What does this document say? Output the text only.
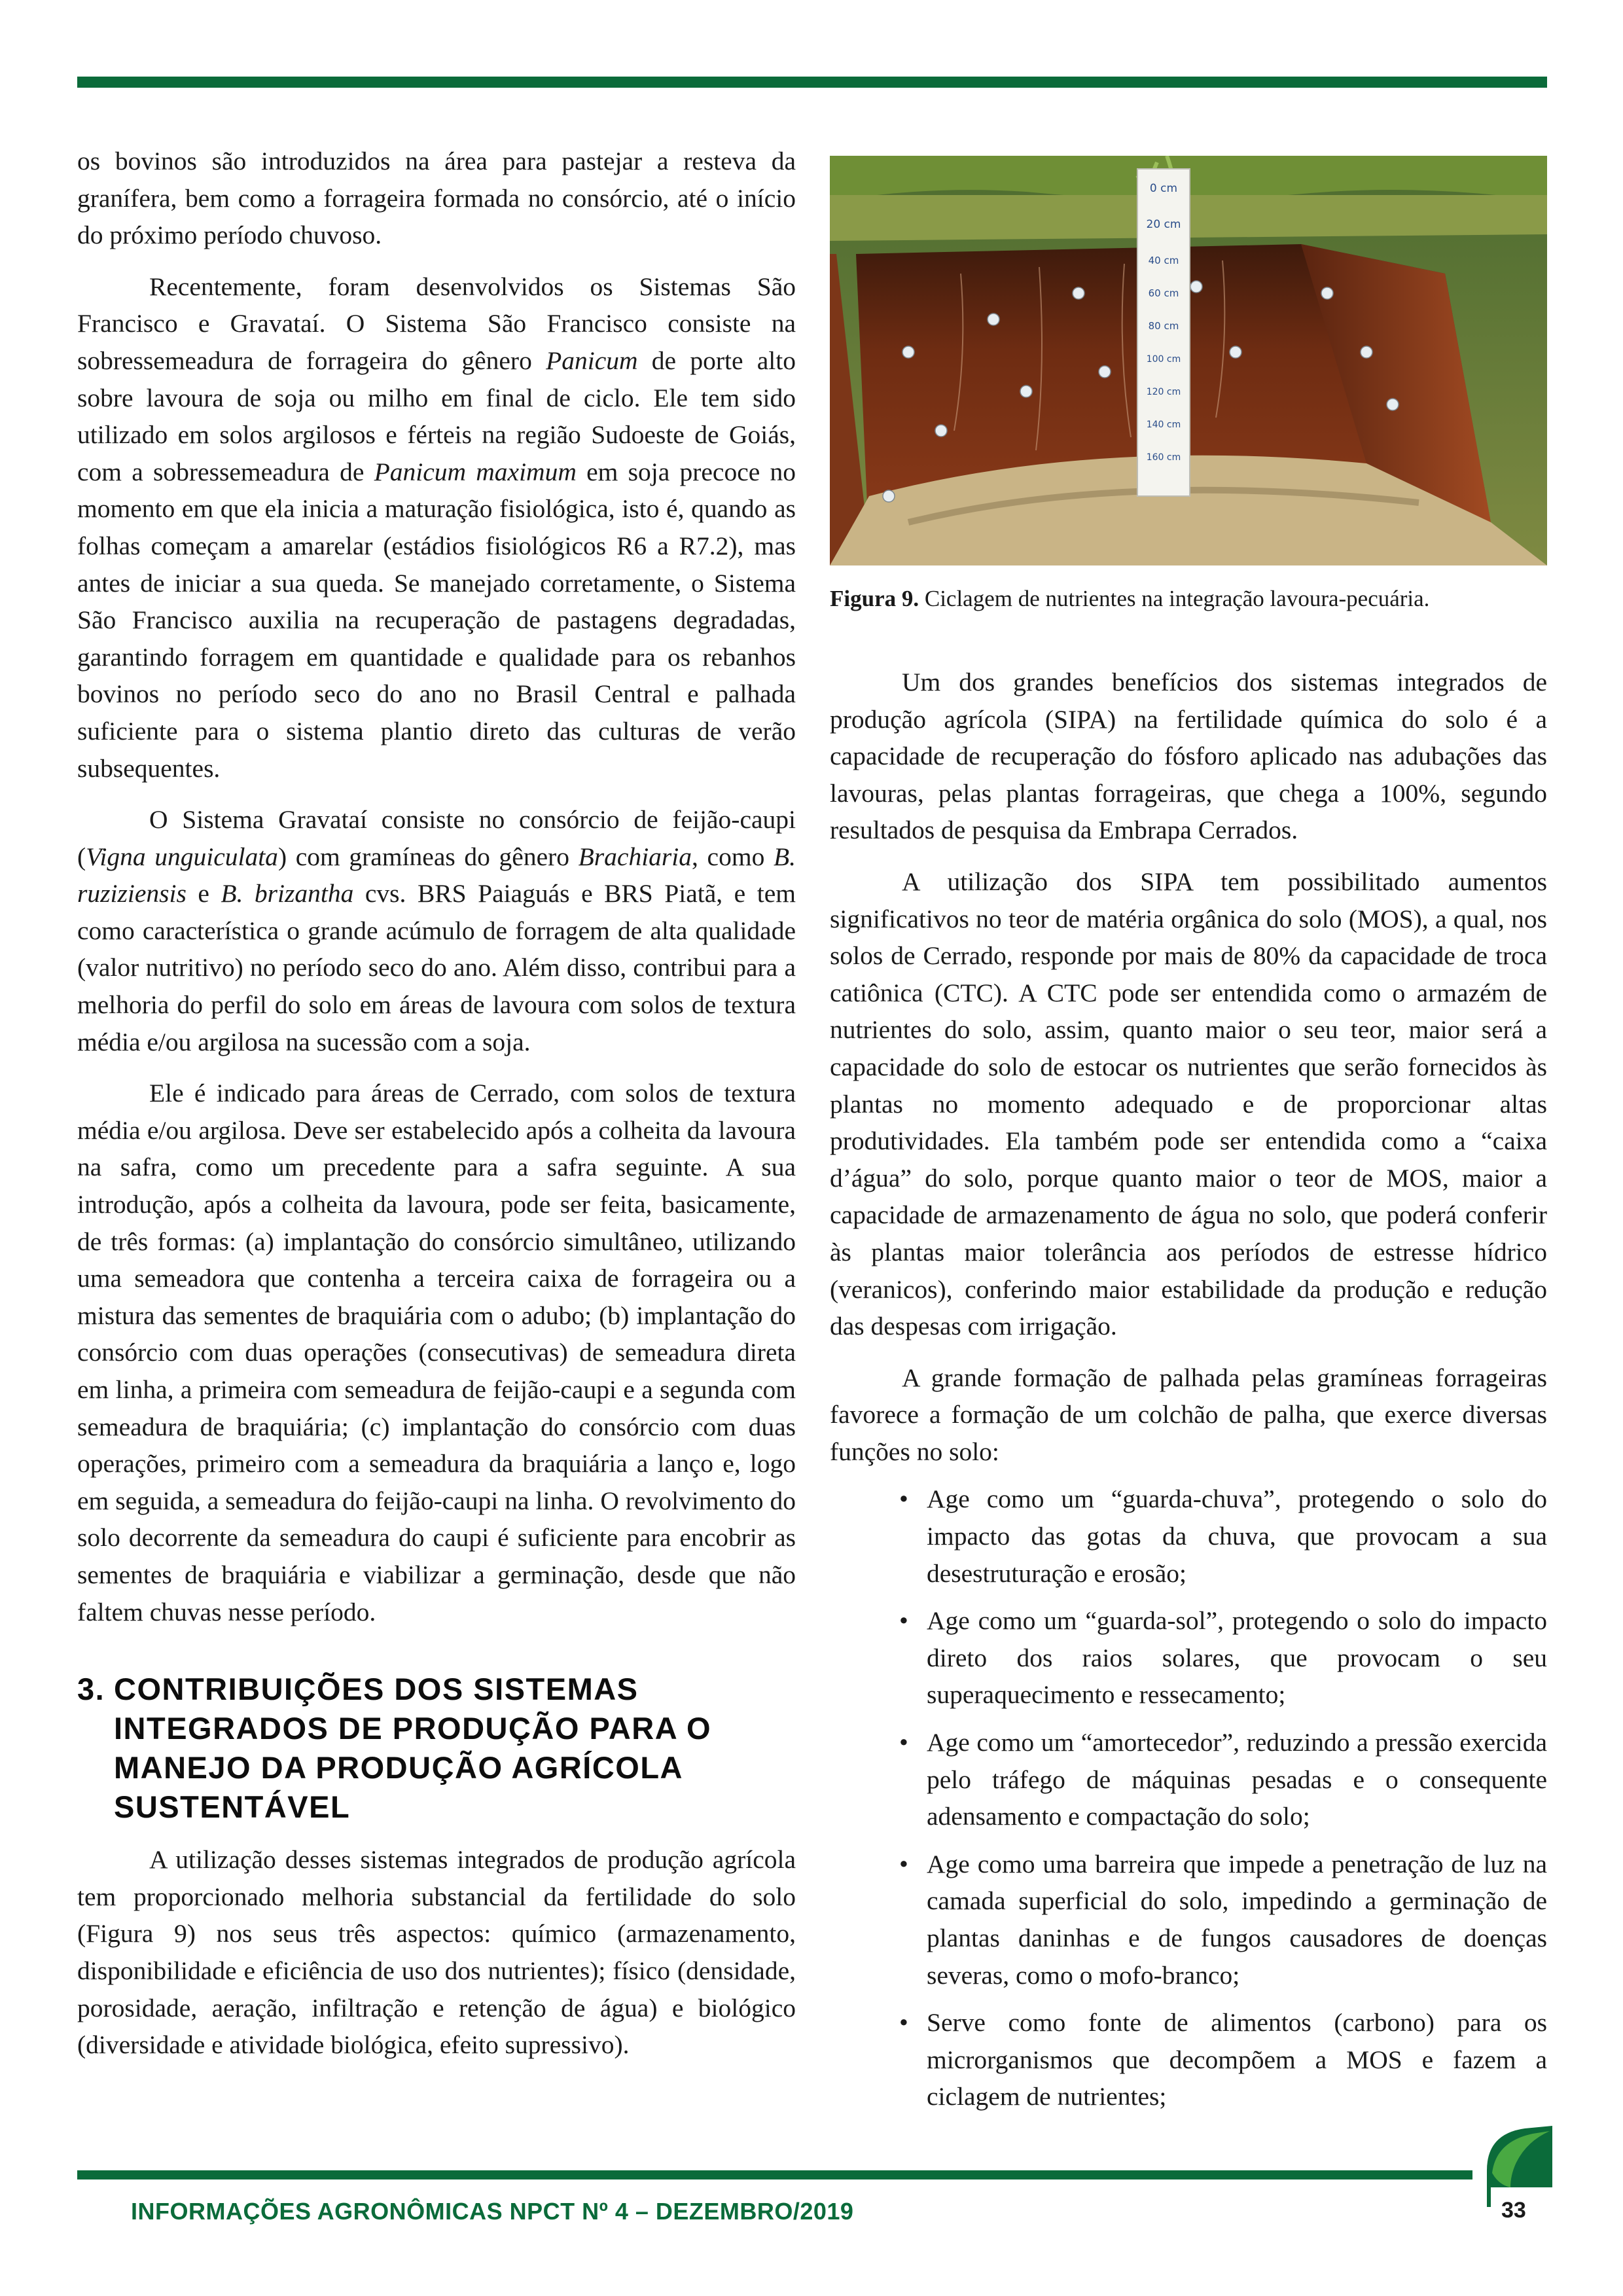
os bovinos são introduzidos na área para pastejar a resteva da granífera, bem como a forrageira formada no consórcio, até o início do próximo período chuvoso.

Recentemente, foram desenvolvidos os Sistemas São Francisco e Gravataí. O Sistema São Francisco consiste na sobressemeadura de forrageira do gênero Panicum de porte alto sobre lavoura de soja ou milho em final de ciclo. Ele tem sido utilizado em solos argilosos e férteis na região Sudoeste de Goiás, com a sobressemeadura de Panicum maximum em soja precoce no momento em que ela inicia a maturação fisiológica, isto é, quando as folhas começam a amarelar (estádios fisiológicos R6 a R7.2), mas antes de iniciar a sua queda. Se manejado corretamente, o Sistema São Francisco auxilia na recuperação de pastagens degradadas, garantindo forragem em quantidade e qualidade para os rebanhos bovinos no período seco do ano no Brasil Central e palhada suficiente para o sistema plantio direto das culturas de verão subsequentes.

O Sistema Gravataí consiste no consórcio de feijão-caupi (Vigna unguiculata) com gramíneas do gênero Brachiaria, como B. ruziziensis e B. brizantha cvs. BRS Paiaguás e BRS Piatã, e tem como característica o grande acúmulo de forragem de alta qualidade (valor nutritivo) no período seco do ano. Além disso, contribui para a melhoria do perfil do solo em áreas de lavoura com solos de textura média e/ou argilosa na sucessão com a soja.

Ele é indicado para áreas de Cerrado, com solos de textura média e/ou argilosa. Deve ser estabelecido após a colheita da lavoura na safra, como um precedente para a safra seguinte. A sua introdução, após a colheita da lavoura, pode ser feita, basicamente, de três formas: (a) implantação do consórcio simultâneo, utilizando uma semeadora que contenha a terceira caixa de forrageira ou a mistura das sementes de braquiária com o adubo; (b) implantação do consórcio com duas operações (consecutivas) de semeadura direta em linha, a primeira com semeadura de feijão-caupi e a segunda com semeadura de braquiária; (c) implantação do consórcio com duas operações, primeiro com a semeadura da braquiária a lanço e, logo em seguida, a semeadura do feijão-caupi na linha. O revolvimento do solo decorrente da semeadura do caupi é suficiente para encobrir as sementes de braquiária e viabilizar a germinação, desde que não faltem chuvas nesse período.

3. CONTRIBUIÇÕES DOS SISTEMAS
INTEGRADOS DE PRODUÇÃO PARA O
MANEJO DA PRODUÇÃO AGRÍCOLA
SUSTENTÁVEL

A utilização desses sistemas integrados de produção agrícola tem proporcionado melhoria substancial da fertilidade do solo (Figura 9) nos seus três aspectos: químico (armazenamento, disponibilidade e eficiência de uso dos nutrientes); físico (densidade, porosidade, aeração, infiltração e retenção de água) e biológico (diversidade e atividade biológica, efeito supressivo).

0 cm
20 cm
40 cm
60 cm
80 cm
100 cm
120 cm
140 cm
160 cm

Figura 9. Ciclagem de nutrientes na integração lavoura-pecuária.

Um dos grandes benefícios dos sistemas integrados de produção agrícola (SIPA) na fertilidade química do solo é a capacidade de recuperação do fósforo aplicado nas adubações das lavouras, pelas plantas forrageiras, que chega a 100%, segundo resultados de pesquisa da Embrapa Cerrados.

A utilização dos SIPA tem possibilitado aumentos significativos no teor de matéria orgânica do solo (MOS), a qual, nos solos de Cerrado, responde por mais de 80% da capacidade de troca catiônica (CTC). A CTC pode ser entendida como o armazém de nutrientes do solo, assim, quanto maior o seu teor, maior será a capacidade do solo de estocar os nutrientes que serão fornecidos às plantas no momento adequado e de proporcionar altas produtividades. Ela também pode ser entendida como a “caixa d’água” do solo, porque quanto maior o teor de MOS, maior a capacidade de armazenamento de água no solo, que poderá conferir às plantas maior tolerância aos períodos de estresse hídrico (veranicos), conferindo maior estabilidade da produção e redução das despesas com irrigação.

A grande formação de palhada pelas gramíneas forrageiras favorece a formação de um colchão de palha, que exerce diversas funções no solo:

• Age como um “guarda-chuva”, protegendo o solo do impacto das gotas da chuva, que provocam a sua desestruturação e erosão;
• Age como um “guarda-sol”, protegendo o solo do impacto direto dos raios solares, que provocam o seu superaquecimento e ressecamento;
• Age como um “amortecedor”, reduzindo a pressão exercida pelo tráfego de máquinas pesadas e o consequente adensamento e compactação do solo;
• Age como uma barreira que impede a penetração de luz na camada superficial do solo, impedindo a germinação de plantas daninhas e de fungos causadores de doenças severas, como o mofo-branco;
• Serve como fonte de alimentos (carbono) para os microrganismos que decompõem a MOS e fazem a ciclagem de nutrientes;
INFORMAÇÕES AGRONÔMICAS NPCT Nº 4 – DEZEMBRO/2019	33
